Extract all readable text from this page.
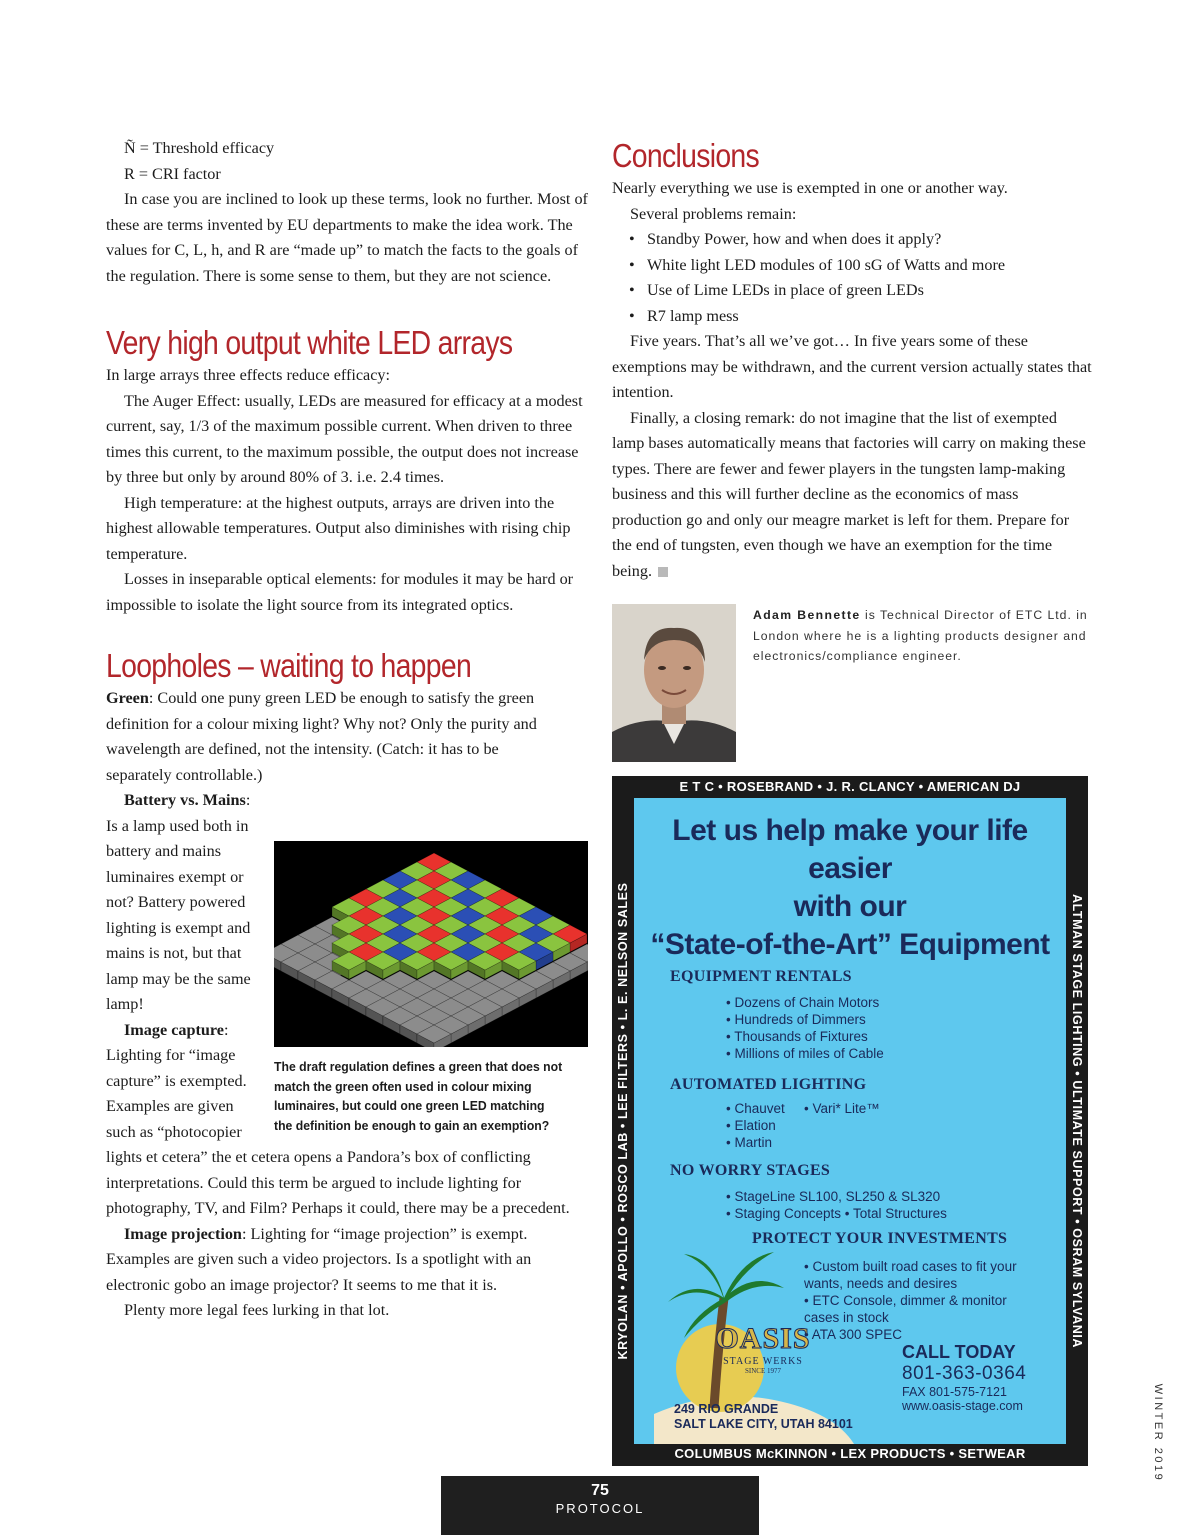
Ñ = Threshold efficacy

R = CRI factor

In case you are inclined to look up these terms, look no further. Most of these are terms invented by EU departments to make the idea work. The values for C, L, h, and R are “made up” to match the facts to the goals of the regulation. There is some sense to them, but they are not science.

Very high output white LED arrays

In large arrays three effects reduce efficacy:

The Auger Effect: usually, LEDs are measured for efficacy at a modest current, say, 1/3 of the maximum possible current. When driven to three times this current, to the maximum possible, the output does not increase by three but only by around 80% of 3. i.e. 2.4 times.

High temperature: at the highest outputs, arrays are driven into the highest allowable temperatures. Output also diminishes with rising chip temperature.

Losses in inseparable optical elements: for modules it may be hard or impossible to isolate the light source from its integrated optics.

Loopholes – waiting to happen

Green: Could one puny green LED be enough to satisfy the green definition for a colour mixing light? Why not? Only the purity and wavelength are defined, not the intensity. (Catch: it has to be separately controllable.)

Battery vs. Mains: Is a lamp used both in battery and mains luminaires exempt or not? Battery powered lighting is exempt and mains is not, but that lamp may be the same lamp!

Image capture: Lighting for “image capture” is exempted. Examples are given such as “photocopier

lights et cetera” the et cetera opens a Pandora’s box of conflicting interpretations. Could this term be argued to include lighting for photography, TV, and Film? Perhaps it could, there may be a precedent.

Image projection: Lighting for “image projection” is exempt. Examples are given such a video projectors. Is a spotlight with an electronic gobo an image projector? It seems to me that it is.

Plenty more legal fees lurking in that lot.

The draft regulation defines a green that does not match the green often used in colour mixing luminaires, but could one green LED matching the definition be enough to gain an exemption?
Conclusions

Nearly everything we use is exempted in one or another way.

Several problems remain:

• Standby Power, how and when does it apply?
• White light LED modules of 100 sG of Watts and more
• Use of Lime LEDs in place of green LEDs
• R7 lamp mess

Five years. That’s all we’ve got… In five years some of these exemptions may be withdrawn, and the current version actually states that intention.

Finally, a closing remark: do not imagine that the list of exempted lamp bases automatically means that factories will carry on making these types. There are fewer and fewer players in the tungsten lamp-making business and this will further decline as the economics of mass production go and only our meagre market is left for them. Prepare for the end of tungsten, even though we have an exemption for the time being.

Adam Bennette is Technical Director of ETC Ltd. in London where he is a lighting products designer and electronics/compliance engineer.
E T C • ROSEBRAND • J. R. CLANCY • AMERICAN DJ
KRYOLAN • APOLLO • ROSCO LAB • LEE FILTERS • L. E. NELSON SALES	ALTMAN STAGE LIGHTING • ULTIMATE SUPPORT • OSRAM SYLVANIA
Let us help make your life easier
with our
“State-of-the-Art” Equipment
EQUIPMENT RENTALS
• Dozens of Chain Motors
• Hundreds of Dimmers
• Thousands of Fixtures
• Millions of miles of Cable
AUTOMATED LIGHTING
• Chauvet
• Elation
• Martin
• Vari* Lite™
NO WORRY STAGES
• StageLine SL100, SL250 & SL320
• Staging Concepts • Total Structures
PROTECT YOUR INVESTMENTS
• Custom built road cases to fit your wants, needs and desires
• ETC Console, dimmer & monitor cases in stock
• ATA 300 SPEC
OASIS
STAGE WERKS
SINCE 1977
CALL TODAY
801-363-0364
FAX 801-575-7121
www.oasis-stage.com
249 RIO GRANDE
SALT LAKE CITY, UTAH 84101
COLUMBUS McKINNON • LEX PRODUCTS • SETWEAR
75
PROTOCOL
WINTER 2019
